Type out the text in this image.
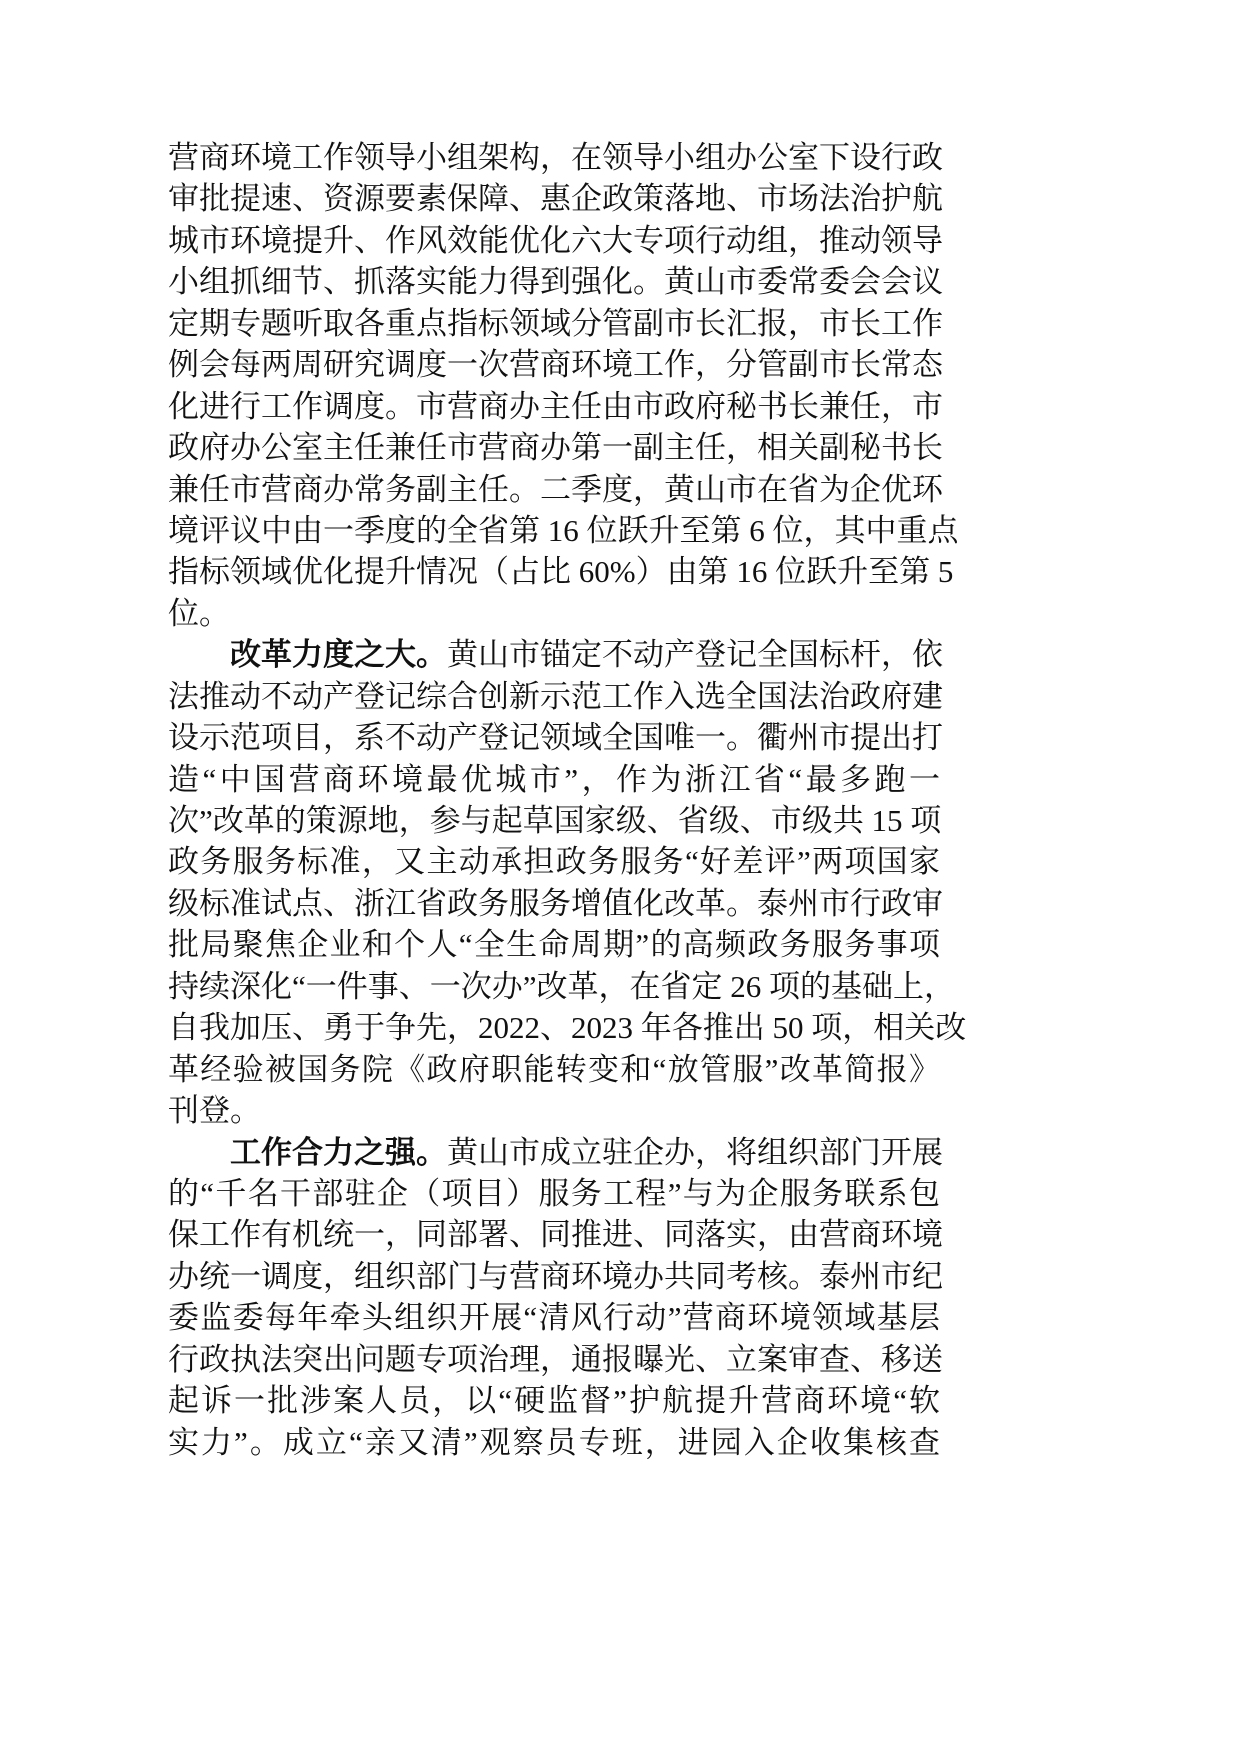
营商环境工作领导小组架构，在领导小组办公室下设行政
审批提速、资源要素保障、惠企政策落地、市场法治护航
城市环境提升、作风效能优化六大专项行动组，推动领导
小组抓细节、抓落实能力得到强化。黄山市委常委会会议
定期专题听取各重点指标领域分管副市长汇报，市长工作
例会每两周研究调度一次营商环境工作，分管副市长常态
化进行工作调度。市营商办主任由市政府秘书长兼任，市
政府办公室主任兼任市营商办第一副主任，相关副秘书长
兼任市营商办常务副主任。二季度，黄山市在省为企优环
境评议中由一季度的全省第 16 位跃升至第 6 位，其中重点
指标领域优化提升情况（占比 60%）由第 16 位跃升至第 5
位。
改革力度之大。黄山市锚定不动产登记全国标杆，依
法推动不动产登记综合创新示范工作入选全国法治政府建
设示范项目，系不动产登记领域全国唯一。衢州市提出打
造“中国营商环境最优城市”，作为浙江省“最多跑一
次”改革的策源地，参与起草国家级、省级、市级共 15 项
政务服务标准，又主动承担政务服务“好差评”两项国家
级标准试点、浙江省政务服务增值化改革。泰州市行政审
批局聚焦企业和个人“全生命周期”的高频政务服务事项
持续深化“一件事、一次办”改革，在省定 26 项的基础上，
自我加压、勇于争先，2022、2023 年各推出 50 项，相关改
革经验被国务院《政府职能转变和“放管服”改革简报》
刊登。
工作合力之强。黄山市成立驻企办，将组织部门开展
的“千名干部驻企（项目）服务工程”与为企服务联系包
保工作有机统一，同部署、同推进、同落实，由营商环境
办统一调度，组织部门与营商环境办共同考核。泰州市纪
委监委每年牵头组织开展“清风行动”营商环境领域基层
行政执法突出问题专项治理，通报曝光、立案审查、移送
起诉一批涉案人员，以“硬监督”护航提升营商环境“软
实力”。成立“亲又清”观察员专班，进园入企收集核查
